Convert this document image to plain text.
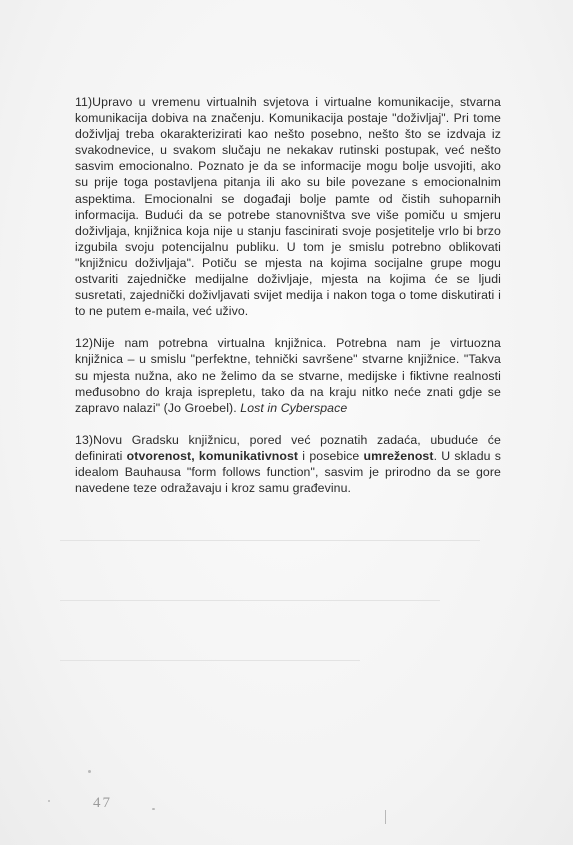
11)Upravo u vremenu virtualnih svjetova i virtualne komunikacije, stvarna komunikacija dobiva na značenju. Komunikacija postaje "doživljaj". Pri tome doživljaj treba okarakterizirati kao nešto posebno, nešto što se izdvaja iz svakodnevice, u svakom slučaju ne nekakav rutinski postupak, već nešto sasvim emocionalno. Poznato je da se informacije mogu bolje usvojiti, ako su prije toga postavljena pitanja ili ako su bile povezane s emocionalnim aspektima. Emocionalni se događaji bolje pamte od čistih suhoparnih informacija. Budući da se potrebe stanovništva sve više pomiču u smjeru doživljaja, knjižnica koja nije u stanju fascinirati svoje posjetitelje vrlo bi brzo izgubila svoju potencijalnu publiku. U tom je smislu potrebno oblikovati "knjižnicu doživljaja". Potiču se mjesta na kojima socijalne grupe mogu ostvariti zajedničke medijalne doživljaje, mjesta na kojima će se ljudi susretati, zajednički doživljavati svijet medija i nakon toga o tome diskutirati i to ne putem e-maila, već uživo.

12)Nije nam potrebna virtualna knjižnica. Potrebna nam je virtuozna knjižnica – u smislu "perfektne, tehnički savršene" stvarne knjižnice. "Takva su mjesta nužna, ako ne želimo da se stvarne, medijske i fiktivne realnosti međusobno do kraja isprepletu, tako da na kraju nitko neće znati gdje se zapravo nalazi" (Jo Groebel). Lost in Cyberspace

13)Novu Gradsku knjižnicu, pored već poznatih zadaća, ubuduće će definirati otvorenost, komunikativnost i posebice umreženost. U skladu s idealom Bauhausa "form follows function", sasvim je prirodno da se gore navedene teze odražavaju i kroz samu građevinu.

47
